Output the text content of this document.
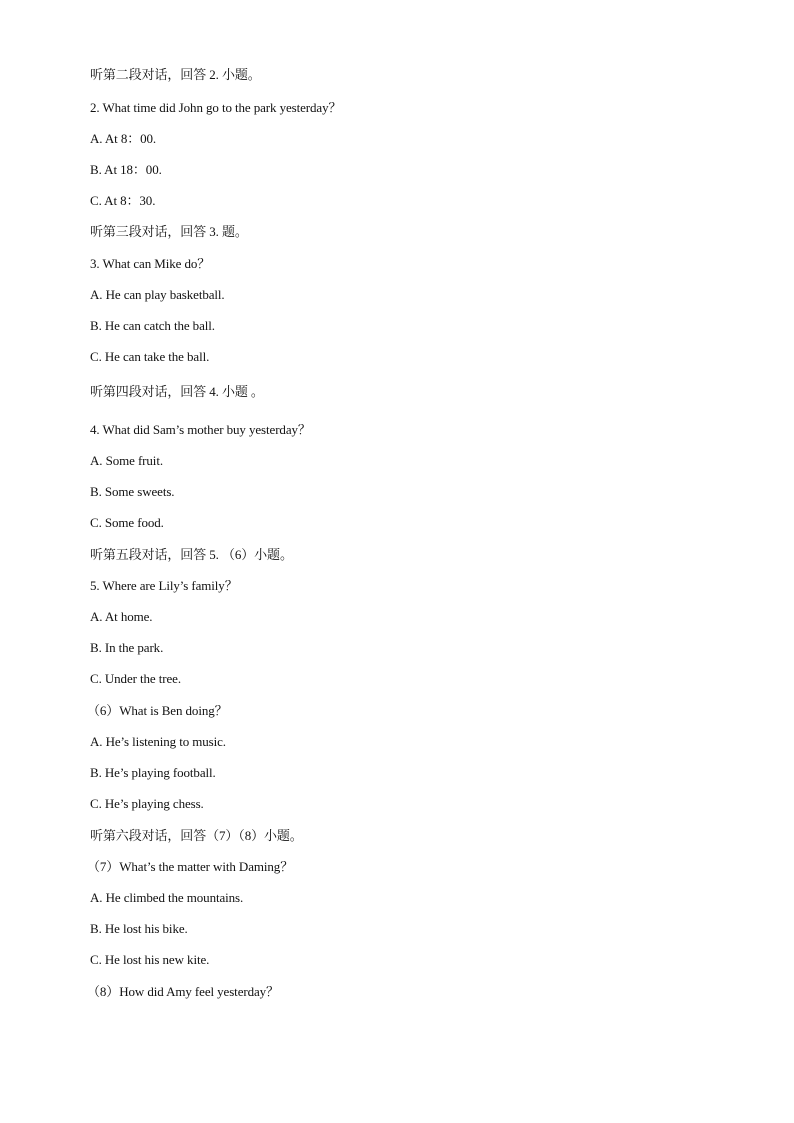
听第二段对话，回答 2. 小题。
2. What time did John go to the park yesterday？
A. At 8：00.
B. At 18：00.
C. At 8：30.
听第三段对话，回答 3. 题。
3. What can Mike do？
A. He can play basketball.
B. He can catch the ball.
C. He can take the ball.
听第四段对话，回答 4. 小题 。
4. What did Sam’s mother buy yesterday？
A. Some fruit.
B. Some sweets.
C. Some food.
听第五段对话，回答 5. （6）小题。
5. Where are Lily’s family？
A. At home.
B. In the park.
C. Under the tree.
（6）What is Ben doing？
A. He’s listening to music.
B. He’s playing football.
C. He’s playing chess.
听第六段对话，回答（7）（8）小题。
（7）What’s the matter with Daming？
A. He climbed the mountains.
B. He lost his bike.
C. He lost his new kite.
（8）How did Amy feel yesterday？
